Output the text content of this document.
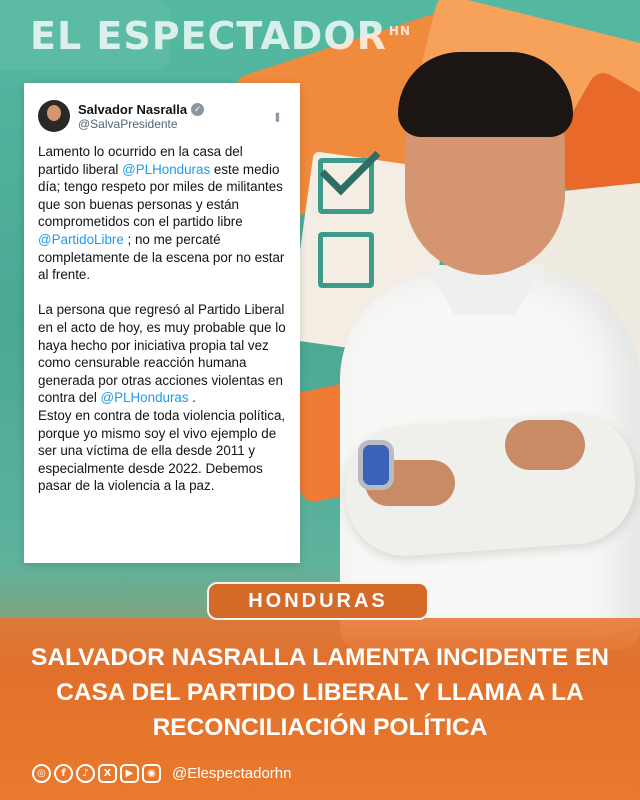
EL ESPECTADOR $^{HN}$
Salvador Nasralla ✓
@SalvaPresidente
•••

Lamento lo ocurrido en la casa del partido liberal @PLHonduras este medio día; tengo respeto por miles de militantes que son buenas personas y están comprometidos con el partido libre @PartidoLibre ; no me percaté completamente de la escena por no estar al frente.

La persona que regresó al Partido Liberal en el acto de hoy, es muy probable que lo haya hecho por iniciativa propia tal vez como censurable reacción humana generada por otras acciones violentas en contra del @PLHonduras .

Estoy en contra de toda violencia política, porque yo mismo soy el vivo ejemplo de ser una víctima de ella desde 2011 y especialmente desde 2022. Debemos pasar de la violencia a la paz.

HONDURAS
SALVADOR NASRALLA LAMENTA INCIDENTE EN CASA DEL PARTIDO LIBERAL Y LLAMA A LA RECONCILIACIÓN POLÍTICA
◎	f	♪	X	▶	◉	@Elespectadorhn
